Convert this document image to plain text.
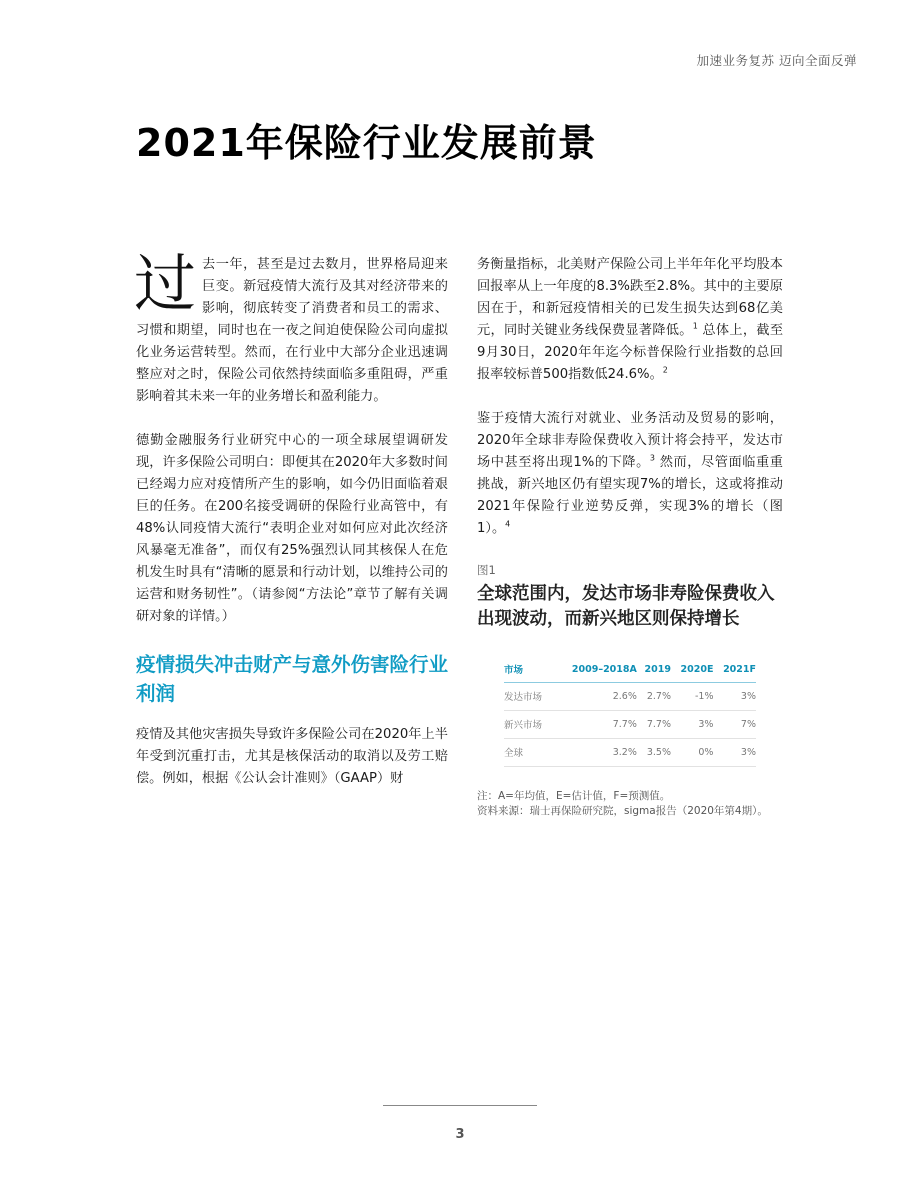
加速业务复苏 迈向全面反弹
2021年保险行业发展前景

过去一年，甚至是过去数月，世界格局迎来巨变。新冠疫情大流行及其对经济带来的影响，彻底转变了消费者和员工的需求、习惯和期望，同时也在一夜之间迫使保险公司向虚拟化业务运营转型。然而，在行业中大部分企业迅速调整应对之时，保险公司依然持续面临多重阻碍，严重影响着其未来一年的业务增长和盈利能力。

德勤金融服务行业研究中心的一项全球展望调研发现，许多保险公司明白：即便其在2020年大多数时间已经竭力应对疫情所产生的影响，如今仍旧面临着艰巨的任务。在200名接受调研的保险行业高管中，有48%认同疫情大流行“表明企业对如何应对此次经济风暴毫无准备”，而仅有25%强烈认同其核保人在危机发生时具有“清晰的愿景和行动计划，以维持公司的运营和财务韧性”。（请参阅“方法论”章节了解有关调研对象的详情。）

疫情损失冲击财产与意外伤害险行业利润

疫情及其他灾害损失导致许多保险公司在2020年上半年受到沉重打击，尤其是核保活动的取消以及劳工赔偿。例如，根据《公认会计准则》（GAAP）财

务衡量指标，北美财产保险公司上半年年化平均股本回报率从上一年度的8.3%跌至2.8%。其中的主要原因在于，和新冠疫情相关的已发生损失达到68亿美元，同时关键业务线保费显著降低。$^1$ 总体上，截至9月30日，2020年年迄今标普保险行业指数的总回报率较标普500指数低24.6%。$^2$

鉴于疫情大流行对就业、业务活动及贸易的影响，2020年全球非寿险保费收入预计将会持平，发达市场中甚至将出现1%的下降。$^3$ 然而，尽管面临重重挑战，新兴地区仍有望实现7%的增长，这或将推动2021年保险行业逆势反弹，实现3%的增长（图1）。$^4$

图1
全球范围内，发达市场非寿险保费收入出现波动，而新兴地区则保持增长
市场	2009–2018A	2019	2020E	2021F
发达市场	2.6%	2.7%	-1%	3%
新兴市场	7.7%	7.7%	3%	7%
全球	3.2%	3.5%	0%	3%
注：A=年均值，E=估计值，F=预测值。
资料来源：瑞士再保险研究院，sigma报告（2020年第4期）。
3
